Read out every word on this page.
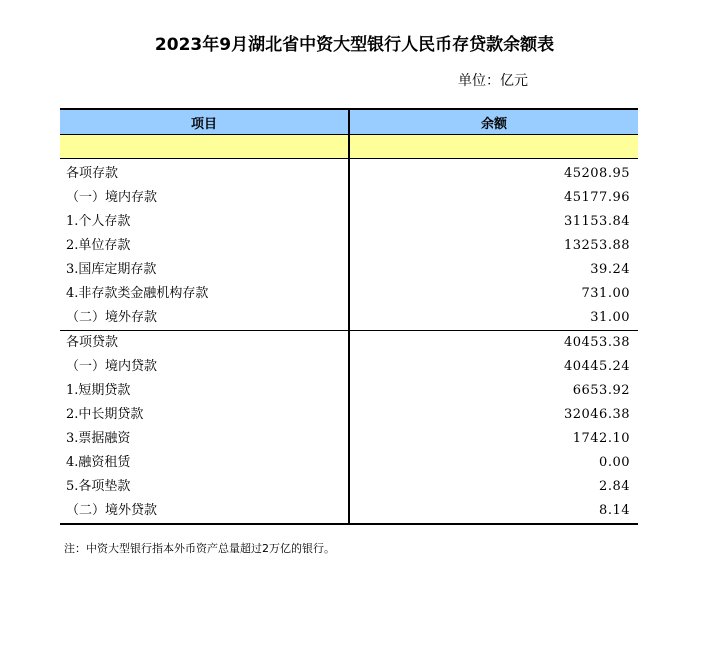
2023年9月湖北省中资大型银行人民币存贷款余额表
单位：亿元
项目	余额

各项存款	45208.95
（一）境内存款	45177.96
1.个人存款	31153.84
2.单位存款	13253.88
3.国库定期存款	39.24
4.非存款类金融机构存款	731.00
（二）境外存款	31.00
各项贷款	40453.38
（一）境内贷款	40445.24
1.短期贷款	6653.92
2.中长期贷款	32046.38
3.票据融资	1742.10
4.融资租赁	0.00
5.各项垫款	2.84
（二）境外贷款	8.14
注：中资大型银行指本外币资产总量超过2万亿的银行。
